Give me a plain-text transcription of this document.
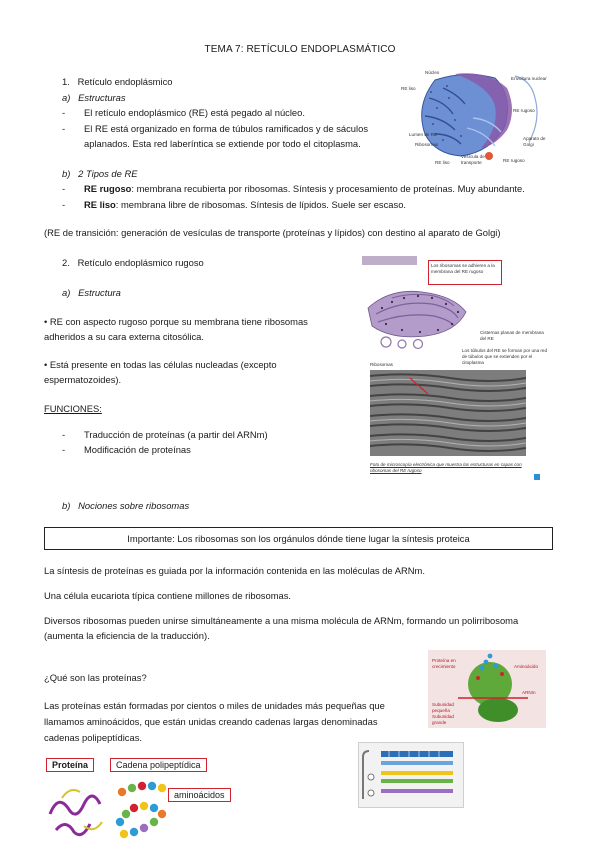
TEMA 7: RETÍCULO ENDOPLASMÁTICO
1.   Retículo endoplásmico
a)   Estructuras
- El retículo endoplásmico (RE) está pegado al núcleo.
- El RE está organizado en forma de túbulos ramificados y de sáculos
aplanados. Esta red laberíntica se extiende por todo el citoplasma.
b)   2 Tipos de RE
- RE rugoso: membrana recubierta por ribosomas. Síntesis y procesamiento de proteínas. Muy abundante.
- RE liso: membrana libre de ribosomas. Síntesis de lípidos. Suele ser escaso.
(RE de transición: generación de vesículas de transporte (proteínas y lípidos) con destino al aparato de Golgi)
Núcleo
Envoltura nuclear
RE liso
RE rugoso
Lumen de RE
Ribosomas
RE liso
Vesícula de transporte	RE rugoso
Aparato de Golgi
2.   Retículo endoplásmico rugoso
a)   Estructura
• RE con aspecto rugoso porque su membrana tiene ribosomas
adheridos a su cara externa citosólica.
• Está presente en todas las células nucleadas (excepto
espermatozoides).
FUNCIONES:
- Traducción de proteínas (a partir del ARNm)
- Modificación de proteínas
b)   Nociones sobre ribosomas
Los ribosomas se adhieren a la membrana del RE rugoso
Cisternas planas de membrana del RE
Los túbulos del RE se forman por una red de túbulos que se extienden por el citoplasma
Ribosomas
Foto de microscopía electrónica que muestra las estructuras en capas con ribosomas del RE rugoso
Importante: Los ribosomas son los orgánulos dónde tiene lugar la síntesis proteica
La síntesis de proteínas es guiada por la información contenida en las moléculas de ARNm.
Una célula eucariota típica contiene millones de ribosomas.
Diversos ribosomas pueden unirse simultáneamente a una misma molécula de ARNm, formando un polirribosoma
(aumenta la eficiencia de la traducción).
¿Qué son las proteínas?
Las proteínas están formadas por cientos o miles de unidades más pequeñas que
llamamos aminoácidos, que están unidas creando cadenas largas denominadas
cadenas polipeptídicas.
Proteína en crecimiento
ARNm
Aminoácido
Subunidad pequeña
Subunidad grande
Proteína	Cadena polipeptídica
aminoácidos
